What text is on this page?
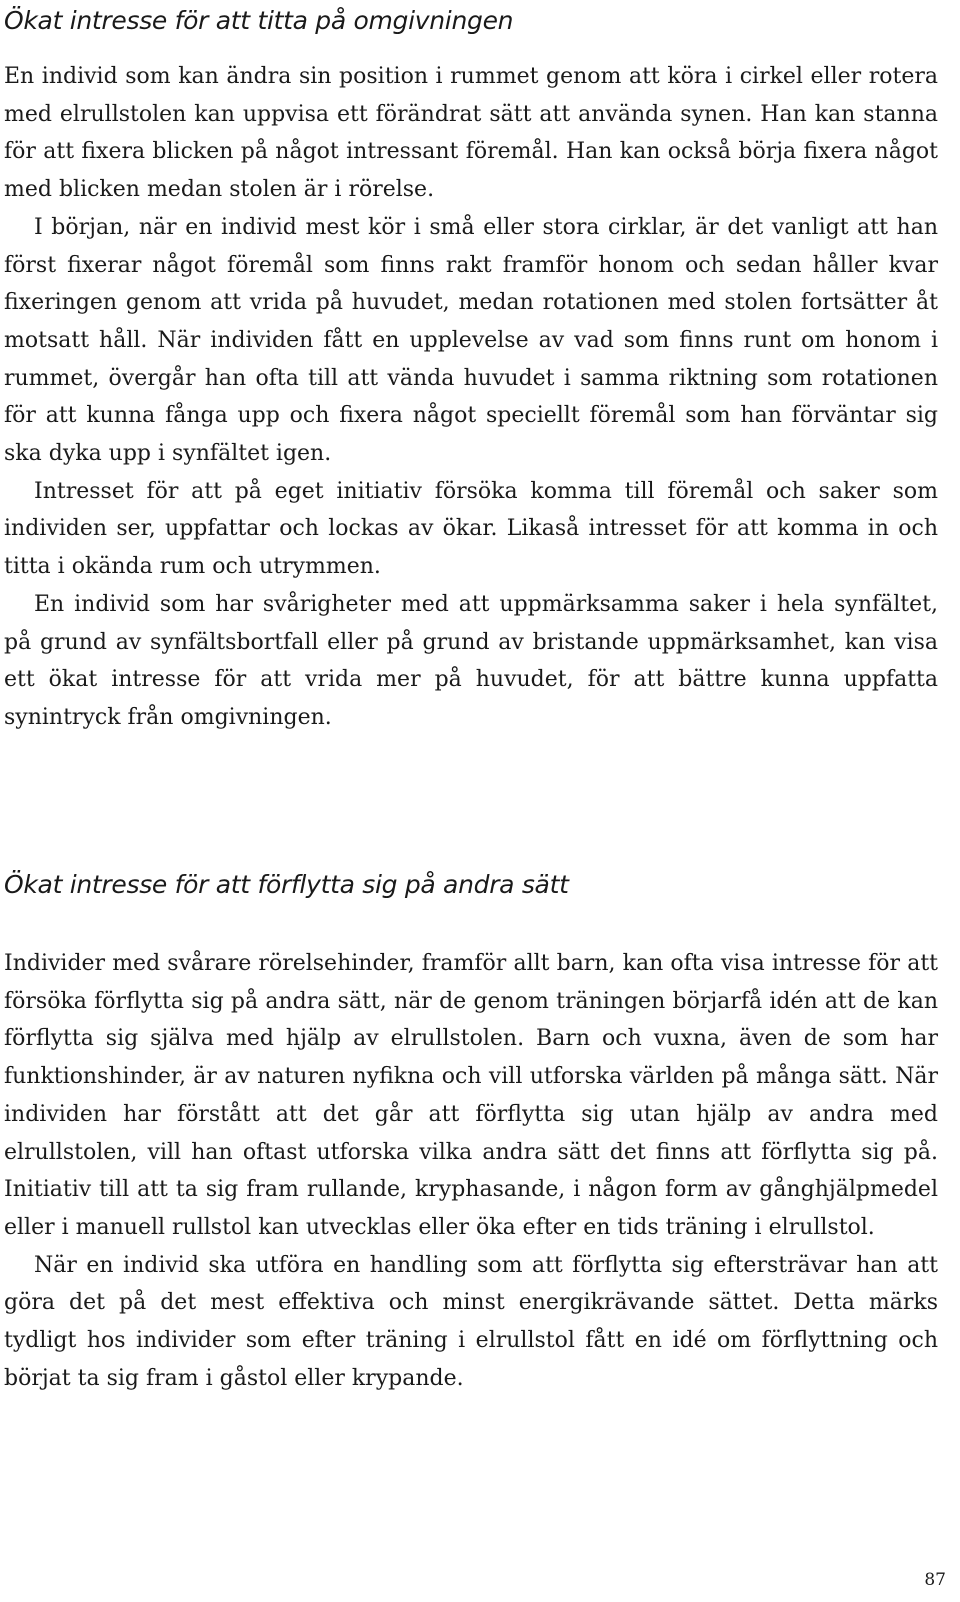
Ökat intresse för att titta på omgivningen

En individ som kan ändra sin position i rummet genom att köra i cirkel eller rotera med elrullstolen kan uppvisa ett förändrat sätt att använda synen. Han kan stanna för att fixera blicken på något intressant föremål. Han kan också börja fixera något med blicken medan stolen är i rörelse.

I början, när en individ mest kör i små eller stora cirklar, är det vanligt att han först fixerar något föremål som finns rakt framför honom och sedan håller kvar fixeringen genom att vrida på huvudet, medan rotationen med stolen fortsätter åt motsatt håll. När individen fått en upplevelse av vad som finns runt om honom i rummet, övergår han ofta till att vända huvudet i samma riktning som rotationen för att kunna fånga upp och fixera något speciellt föremål som han förväntar sig ska dyka upp i synfältet igen.

Intresset för att på eget initiativ försöka komma till föremål och saker som individen ser, uppfattar och lockas av ökar. Likaså intresset för att komma in och titta i okända rum och utrymmen.

En individ som har svårigheter med att uppmärksamma saker i hela synfältet, på grund av synfältsbortfall eller på grund av bristande uppmärksamhet, kan visa ett ökat intresse för att vrida mer på huvudet, för att bättre kunna uppfatta synintryck från omgivningen.

Ökat intresse för att förflytta sig på andra sätt

Individer med svårare rörelsehinder, framför allt barn, kan ofta visa intresse för att försöka förflytta sig på andra sätt, när de genom träningen börjarfå idén att de kan förflytta sig själva med hjälp av elrullstolen. Barn och vuxna, även de som har funktionshinder, är av naturen nyfikna och vill utforska världen på många sätt. När individen har förstått att det går att förflytta sig utan hjälp av andra med elrullstolen, vill han oftast utforska vilka andra sätt det finns att förflytta sig på. Initiativ till att ta sig fram rullande, kryphasande, i någon form av gånghjälpmedel eller i manuell rullstol kan utvecklas eller öka efter en tids träning i elrullstol.

När en individ ska utföra en handling som att förflytta sig eftersträvar han att göra det på det mest effektiva och minst energikrävande sättet. Detta märks tydligt hos individer som efter träning i elrullstol fått en idé om förflyttning och börjat ta sig fram i gåstol eller krypande.

87
